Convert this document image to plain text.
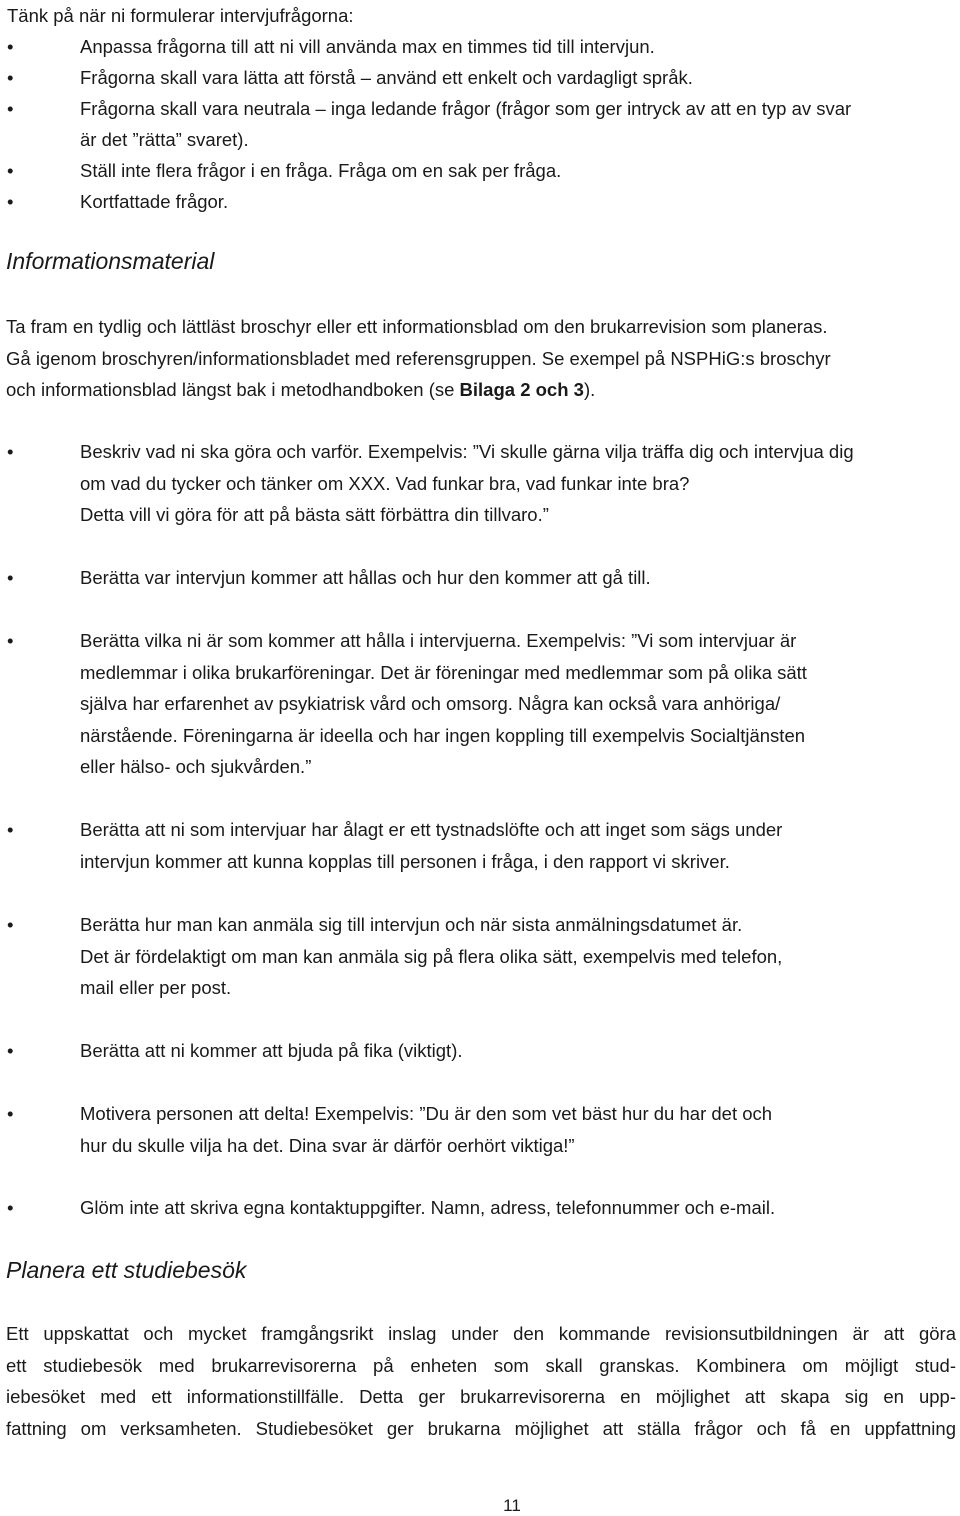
Tänk på när ni formulerar intervjufrågorna:
•	Anpassa frågorna till att ni vill använda max en timmes tid till intervjun.
•	Frågorna skall vara lätta att förstå – använd ett enkelt och vardagligt språk.
•	Frågorna skall vara neutrala – inga ledande frågor (frågor som ger intryck av att en typ av svar
är det ”rätta” svaret).
•	Ställ inte flera frågor i en fråga. Fråga om en sak per fråga.
•	Kortfattade frågor.
Informationsmaterial
Ta fram en tydlig och lättläst broschyr eller ett informationsblad om den brukarrevision som planeras.
Gå igenom broschyren/informationsbladet med referensgruppen. Se exempel på NSPHiG:s broschyr
och informationsblad längst bak i metodhandboken (se Bilaga 2 och 3).
•	Beskriv vad ni ska göra och varför. Exempelvis: ”Vi skulle gärna vilja träffa dig och intervjua dig
om vad du tycker och tänker om XXX. Vad funkar bra, vad funkar inte bra?
Detta vill vi göra för att på bästa sätt förbättra din tillvaro.”
•	Berätta var intervjun kommer att hållas och hur den kommer att gå till.
•	Berätta vilka ni är som kommer att hålla i intervjuerna. Exempelvis: ”Vi som intervjuar är
medlemmar i olika brukarföreningar. Det är föreningar med medlemmar som på olika sätt
själva har erfarenhet av psykiatrisk vård och omsorg. Några kan också vara anhöriga/
närstående. Föreningarna är ideella och har ingen koppling till exempelvis Socialtjänsten
eller hälso- och sjukvården.”
•	Berätta att ni som intervjuar har ålagt er ett tystnadslöfte och att inget som sägs under
intervjun kommer att kunna kopplas till personen i fråga, i den rapport vi skriver.
•	Berätta hur man kan anmäla sig till intervjun och när sista anmälningsdatumet är.
Det är fördelaktigt om man kan anmäla sig på flera olika sätt, exempelvis med telefon,
mail eller per post.
•	Berätta att ni kommer att bjuda på fika (viktigt).
•	Motivera personen att delta! Exempelvis: ”Du är den som vet bäst hur du har det och
hur du skulle vilja ha det. Dina svar är därför oerhört viktiga!”
•	Glöm inte att skriva egna kontaktuppgifter. Namn, adress, telefonnummer och e-mail.
Planera ett studiebesök
Ett uppskattat och mycket framgångsrikt inslag under den kommande revisionsutbildningen är att göra
ett studiebesök med brukarrevisorerna på enheten som skall granskas. Kombinera om möjligt stud-
iebesöket med ett informationstillfälle. Detta ger brukarrevisorerna en möjlighet att skapa sig en upp-
fattning om verksamheten. Studiebesöket ger brukarna möjlighet att ställa frågor och få en uppfattning
11
